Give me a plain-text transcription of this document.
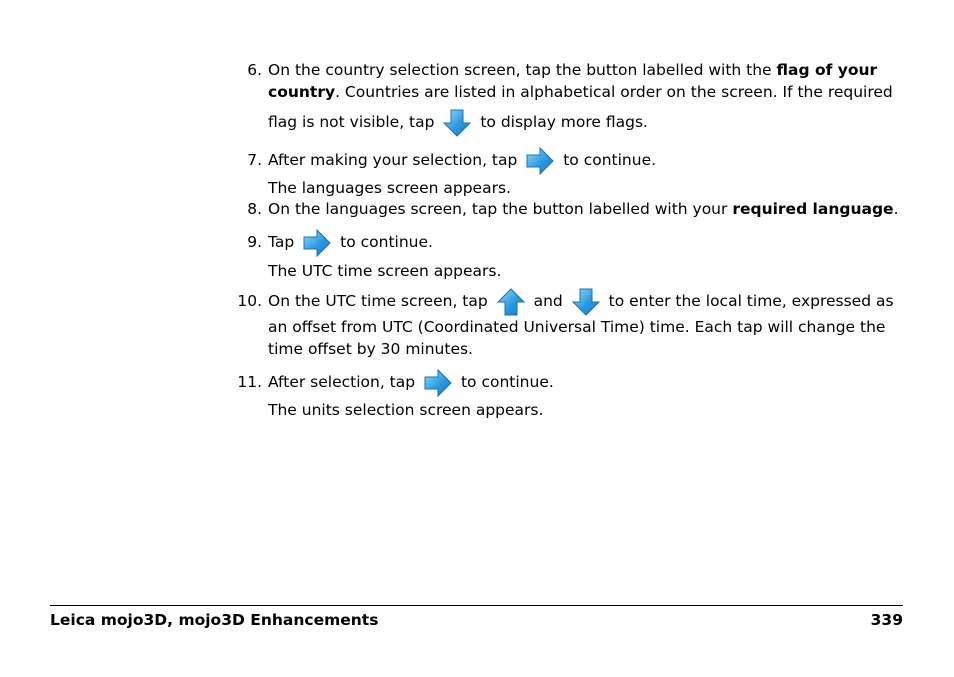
6. On the country selection screen, tap the button labelled with the flag of your
country. Countries are listed in alphabetical order on the screen. If the required
flag is not visible, tap	to display more flags.
7. After making your selection, tap	to continue.
The languages screen appears.
8. On the languages screen, tap the button labelled with your required language.
9. Tap	to continue.
The UTC time screen appears.
10. On the UTC time screen, tap	and	to enter the local time, expressed as
an offset from UTC (Coordinated Universal Time) time. Each tap will change the
time offset by 30 minutes.
11. After selection, tap	to continue.
The units selection screen appears.
Leica mojo3D, mojo3D Enhancements	339
